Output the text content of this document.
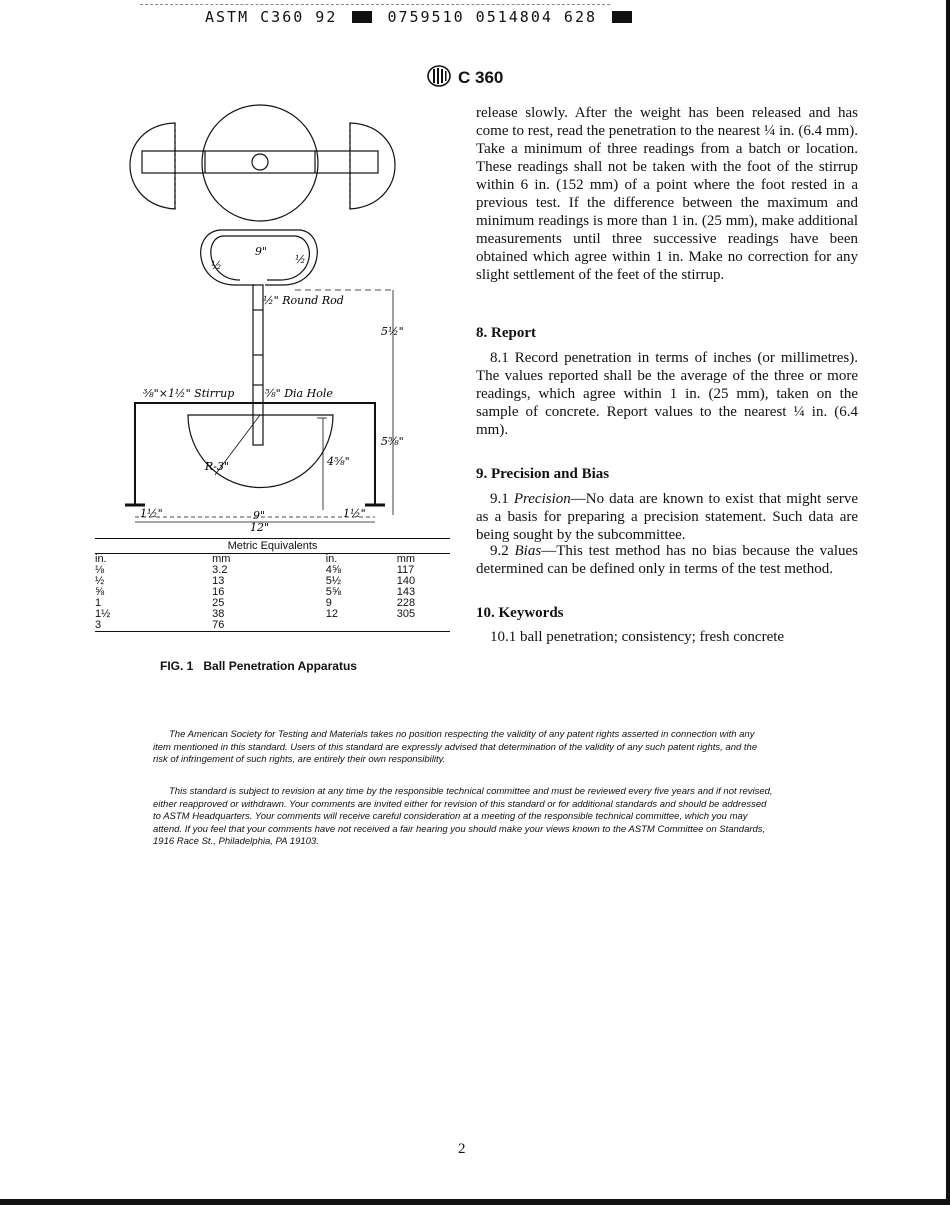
ASTM C360 92	0759510 0514804 628
C 360
½" Round Rod
⅜"×1½" Stirrup	⅝" Dia Hole
R-3"
9"
9"
12"
1½"	1½"
4⅝"
5½"
5⅝"
½	½
Metric Equivalents
in.	mm	in.	mm
⅛	3.2	4⅝	117
½	13	5½	140
⅝	16	5⅝	143
1	25	9	228
1½	38	12	305
3	76		
FIG. 1 Ball Penetration Apparatus

release slowly. After the weight has been released and has come to rest, read the penetration to the nearest ¼ in. (6.4 mm). Take a minimum of three readings from a batch or location. These readings shall not be taken with the foot of the stirrup within 6 in. (152 mm) of a point where the foot rested in a previous test. If the difference between the maximum and minimum readings is more than 1 in. (25 mm), make additional measurements until three successive readings have been obtained which agree within 1 in. Make no correction for any slight settlement of the feet of the stirrup.

8. Report
8.1 Record penetration in terms of inches (or millimetres). The values reported shall be the average of the three or more readings, which agree within 1 in. (25 mm), taken on the sample of concrete. Report values to the nearest ¼ in. (6.4 mm).
9. Precision and Bias
9.1 Precision—No data are known to exist that might serve as a basis for preparing a precision statement. Such data are being sought by the subcommittee.
9.2 Bias—This test method has no bias because the values determined can be defined only in terms of the test method.
10. Keywords
10.1 ball penetration; consistency; fresh concrete

The American Society for Testing and Materials takes no position respecting the validity of any patent rights asserted in connection with any item mentioned in this standard. Users of this standard are expressly advised that determination of the validity of any such patent rights, and the risk of infringement of such rights, are entirely their own responsibility.

This standard is subject to revision at any time by the responsible technical committee and must be reviewed every five years and if not revised, either reapproved or withdrawn. Your comments are invited either for revision of this standard or for additional standards and should be addressed to ASTM Headquarters. Your comments will receive careful consideration at a meeting of the responsible technical committee, which you may attend. If you feel that your comments have not received a fair hearing you should make your views known to the ASTM Committee on Standards, 1916 Race St., Philadelphia, PA 19103.

2
